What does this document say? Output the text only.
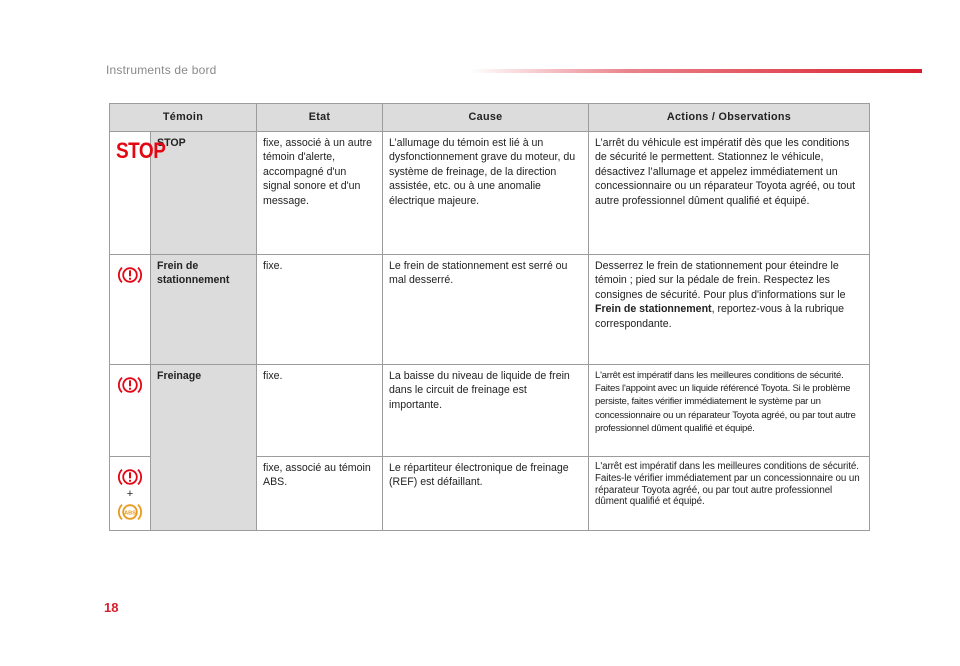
Instruments de bord
Témoin		Etat	Cause	Actions / Observations
STOP	STOP	fixe, associé à un autre témoin d'alerte, accompagné d'un signal sonore et d'un message.	L’allumage du témoin est lié à un dysfonctionnement grave du moteur, du système de freinage, de la direction assistée, etc. ou à une anomalie électrique majeure.	L’arrêt du véhicule est impératif dès que les conditions de sécurité le permettent. Stationnez le véhicule, désactivez l’allumage et appelez immédiatement un concessionnaire ou un réparateur Toyota agréé, ou tout autre professionnel dûment qualifié et équipé.
	Frein de stationnement	fixe.	Le frein de stationnement est serré ou mal desserré.	Desserrez le frein de stationnement pour éteindre le témoin ; pied sur la pédale de frein. Respectez les consignes de sécurité. Pour plus d'informations sur le Frein de stationnement, reportez-vous à la rubrique correspondante.
	Freinage	fixe.	La baisse du niveau de liquide de frein dans le circuit de freinage est importante.	L'arrêt est impératif dans les meilleures conditions de sécurité. Faites l'appoint avec un liquide référencé Toyota. Si le problème persiste, faites vérifier immédiatement le système par un concessionnaire ou un réparateur Toyota agréé, ou par tout autre professionnel dûment qualifié et équipé.

+
ABS		fixe, associé au témoin ABS.	Le répartiteur électronique de freinage (REF) est défaillant.	L'arrêt est impératif dans les meilleures conditions de sécurité. Faites-le vérifier immédiatement par un concessionnaire ou un réparateur Toyota agréé, ou par tout autre professionnel dûment qualifié et équipé.
18
